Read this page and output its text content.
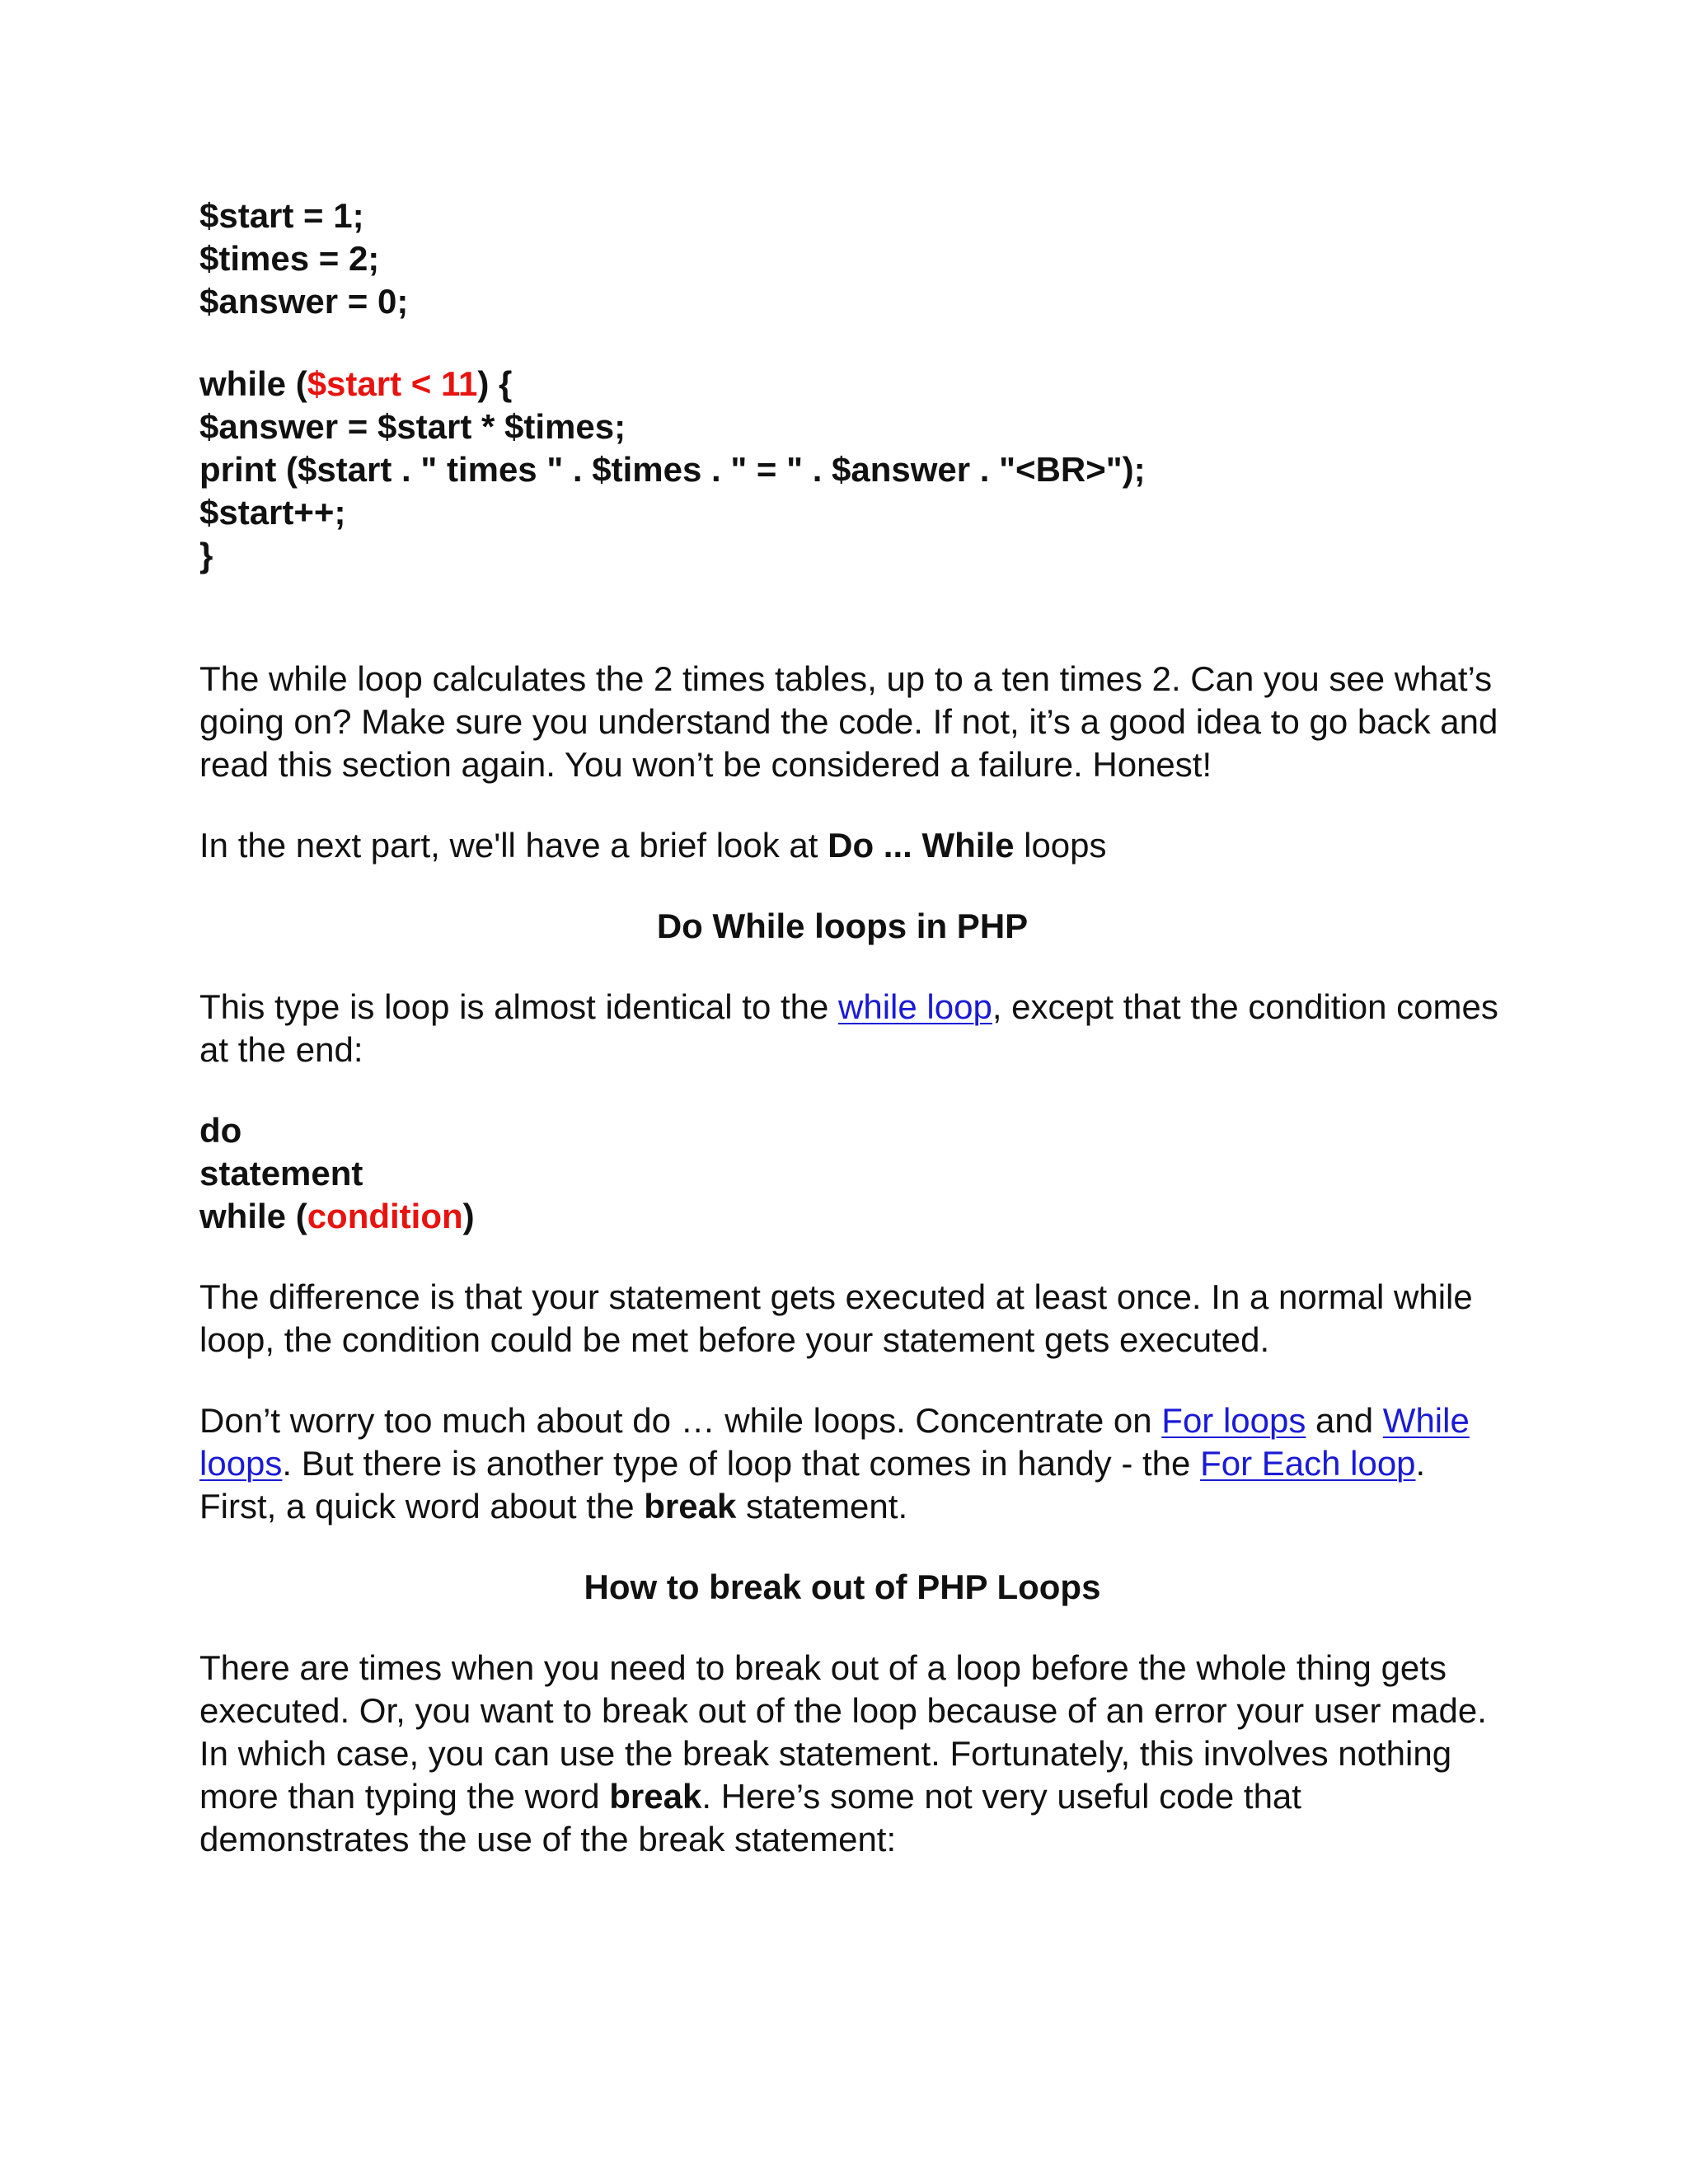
$start = 1;

$times = 2;

$answer = 0;

while ($start < 11) {

$answer = $start * $times;

print ($start . " times " . $times . " = " . $answer . "<BR>");

$start++;

}

The while loop calculates the 2 times tables, up to a ten times 2. Can you see what’s going on? Make sure you understand the code. If not, it’s a good idea to go back and read this section again. You won’t be considered a failure. Honest!

In the next part, we'll have a brief look at Do ... While loops

Do While loops in PHP

This type is loop is almost identical to the while loop, except that the condition comes at the end:

do

statement

while (condition)

The difference is that your statement gets executed at least once. In a normal while loop, the condition could be met before your statement gets executed.

Don’t worry too much about do … while loops. Concentrate on For loops and While loops. But there is another type of loop that comes in handy - the For Each loop. First, a quick word about the break statement.

How to break out of PHP Loops

There are times when you need to break out of a loop before the whole thing gets executed. Or, you want to break out of the loop because of an error your user made. In which case, you can use the break statement. Fortunately, this involves nothing more than typing the word break. Here’s some not very useful code that demonstrates the use of the break statement:
